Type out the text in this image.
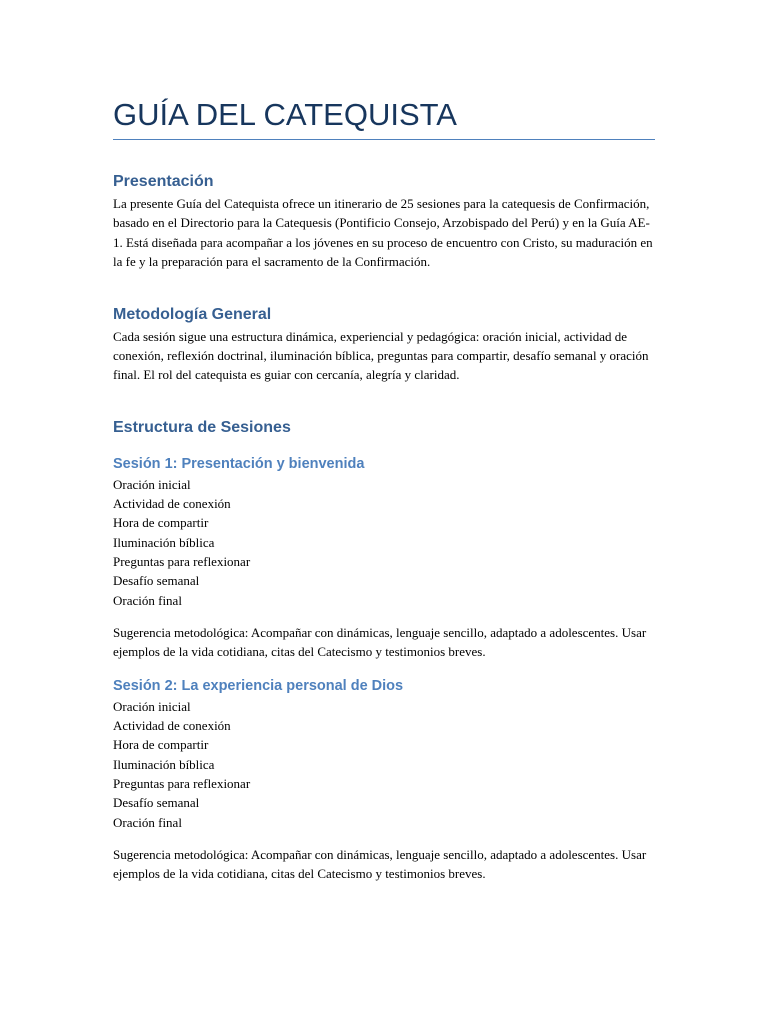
GUÍA DEL CATEQUISTA
Presentación

La presente Guía del Catequista ofrece un itinerario de 25 sesiones para la catequesis de Confirmación, basado en el Directorio para la Catequesis (Pontificio Consejo, Arzobispado del Perú) y en la Guía AE-1. Está diseñada para acompañar a los jóvenes en su proceso de encuentro con Cristo, su maduración en la fe y la preparación para el sacramento de la Confirmación.

Metodología General

Cada sesión sigue una estructura dinámica, experiencial y pedagógica: oración inicial, actividad de conexión, reflexión doctrinal, iluminación bíblica, preguntas para compartir, desafío semanal y oración final. El rol del catequista es guiar con cercanía, alegría y claridad.

Estructura de Sesiones
Sesión 1: Presentación y bienvenida
Oración inicial
Actividad de conexión
Hora de compartir
Iluminación bíblica
Preguntas para reflexionar
Desafío semanal
Oración final

Sugerencia metodológica: Acompañar con dinámicas, lenguaje sencillo, adaptado a adolescentes. Usar ejemplos de la vida cotidiana, citas del Catecismo y testimonios breves.

Sesión 2: La experiencia personal de Dios
Oración inicial
Actividad de conexión
Hora de compartir
Iluminación bíblica
Preguntas para reflexionar
Desafío semanal
Oración final

Sugerencia metodológica: Acompañar con dinámicas, lenguaje sencillo, adaptado a adolescentes. Usar ejemplos de la vida cotidiana, citas del Catecismo y testimonios breves.
